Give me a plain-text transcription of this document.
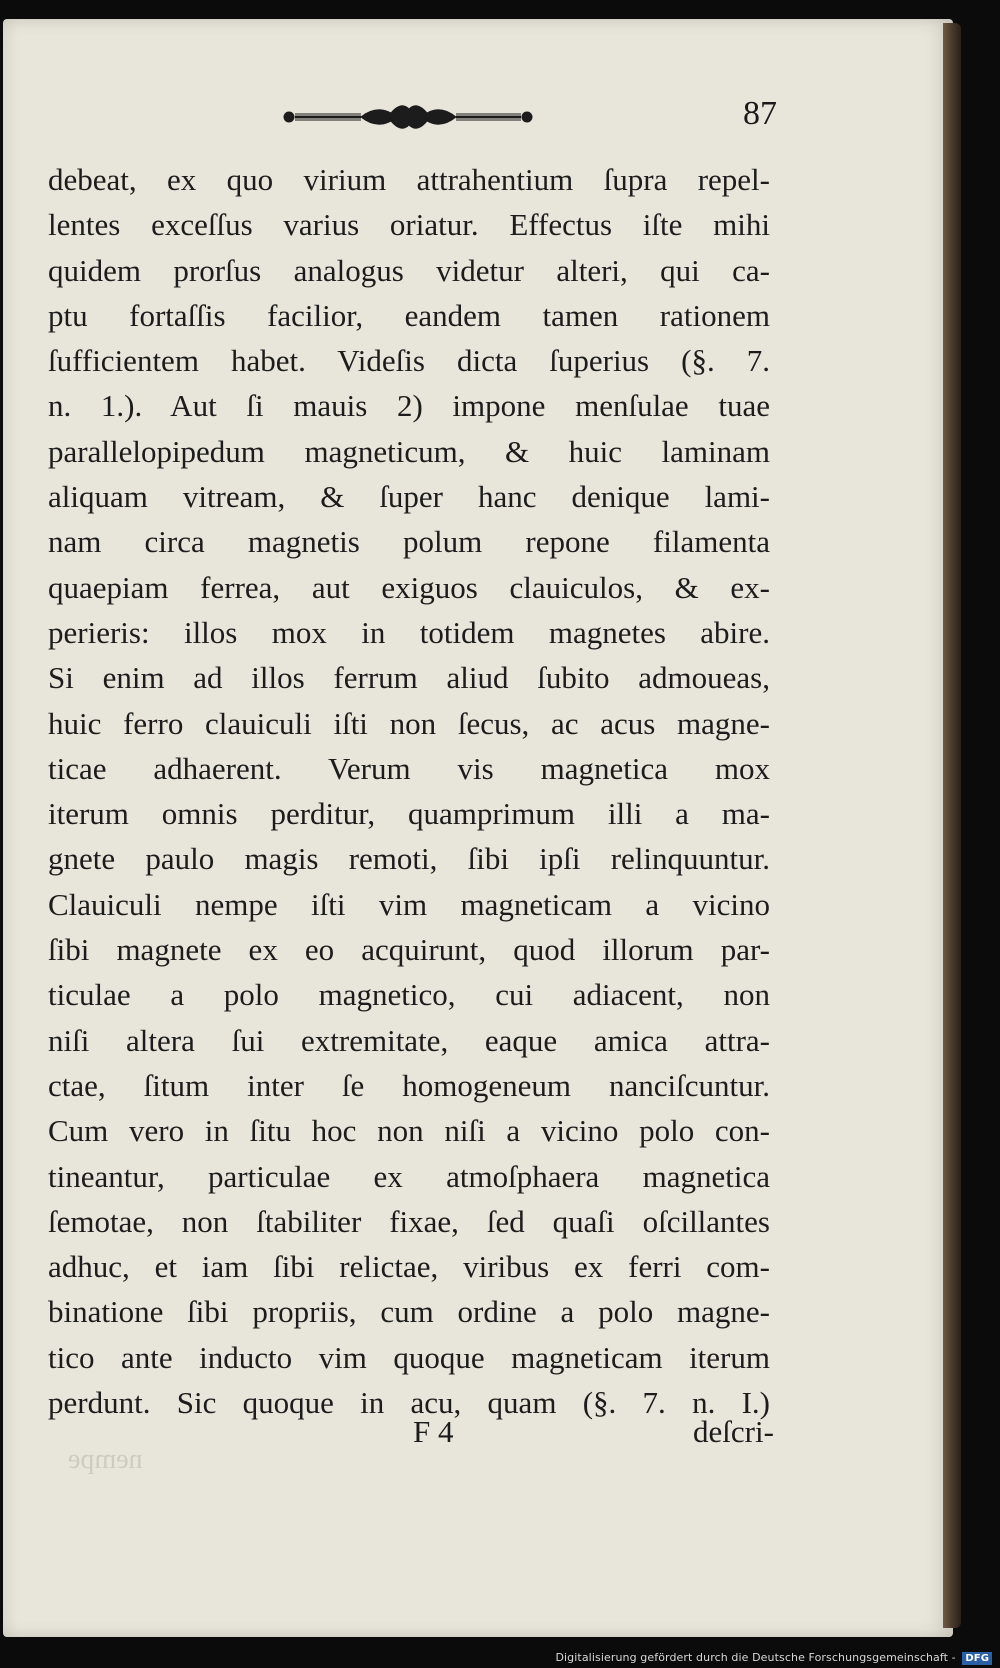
87
debeat, ex quo virium attrahentium ſupra repel-
lentes exceſſus varius oriatur. Effectus iſte mihi
quidem prorſus analogus videtur alteri, qui ca-
ptu fortaſſis facilior, eandem tamen rationem
ſufficientem habet. Videſis dicta ſuperius (§. 7.
n. 1.). Aut ſi mauis 2) impone menſulae tuae
parallelopipedum magneticum, & huic laminam
aliquam vitream, & ſuper hanc denique lami-
nam circa magnetis polum repone filamenta
quaepiam ferrea, aut exiguos clauiculos, & ex-
perieris: illos mox in totidem magnetes abire.
Si enim ad illos ferrum aliud ſubito admoueas,
huic ferro clauiculi iſti non ſecus, ac acus magne-
ticae adhaerent. Verum vis magnetica mox
iterum omnis perditur, quamprimum illi a ma-
gnete paulo magis remoti, ſibi ipſi relinquuntur.
Clauiculi nempe iſti vim magneticam a vicino
ſibi magnete ex eo acquirunt, quod illorum par-
ticulae a polo magnetico, cui adiacent, non
niſi altera ſui extremitate, eaque amica attra-
ctae, ſitum inter ſe homogeneum nanciſcuntur.
Cum vero in ſitu hoc non niſi a vicino polo con-
tineantur, particulae ex atmoſphaera magnetica
ſemotae, non ſtabiliter fixae, ſed quaſi oſcillantes
adhuc, et iam ſibi relictae, viribus ex ferri com-
binatione ſibi propriis, cum ordine a polo magne-
tico ante inducto vim quoque magneticam iterum
perdunt. Sic quoque in acu, quam (§. 7. n. I.)
F 4	deſcri-
nempe
Digitalisierung gefördert durch die Deutsche Forschungsgemeinschaft - DFG
